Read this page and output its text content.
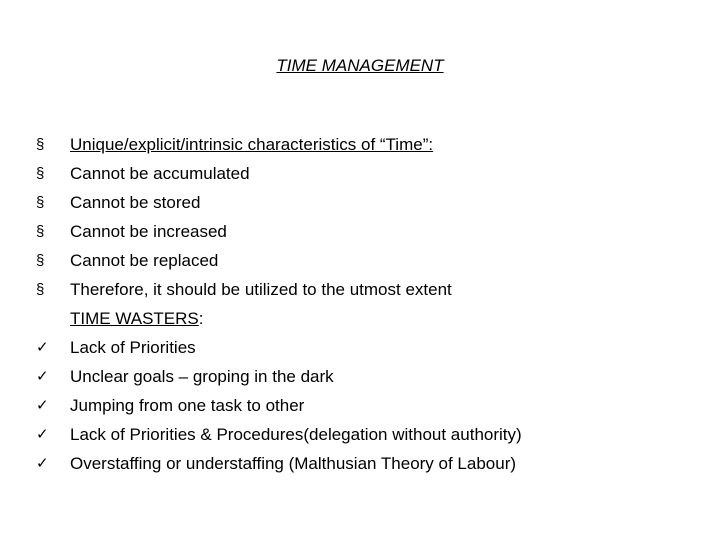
TIME MANAGEMENT
§	Unique/explicit/intrinsic characteristics of “Time”:
§	Cannot be accumulated
§	Cannot be stored
§	Cannot be increased
§	Cannot be replaced
§	Therefore, it should be utilized to the utmost extent
TIME WASTERS:
✓	Lack of Priorities
✓	Unclear goals – groping in the dark
✓	Jumping from one task to other
✓	Lack of Priorities & Procedures(delegation without authority)
✓	Overstaffing or understaffing (Malthusian Theory of Labour)
